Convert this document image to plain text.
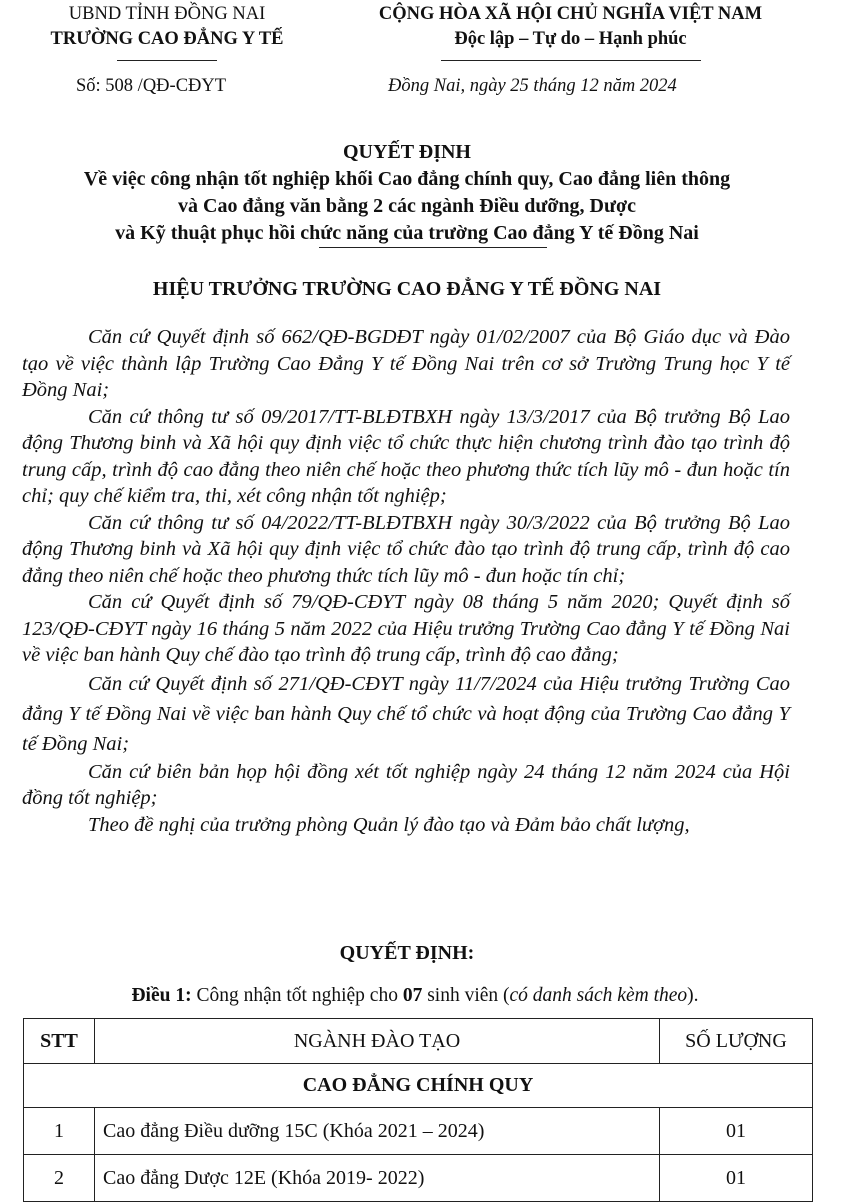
UBND TỈNH ĐỒNG NAI
TRƯỜNG CAO ĐẲNG Y TẾ
CỘNG HÒA XÃ HỘI CHỦ NGHĨA VIỆT NAM
Độc lập – Tự do – Hạnh phúc
Số: 508 /QĐ-CĐYT	Đồng Nai, ngày 25 tháng 12 năm 2024
QUYẾT ĐỊNH
Về việc công nhận tốt nghiệp khối Cao đẳng chính quy, Cao đẳng liên thông
và Cao đẳng văn bằng 2 các ngành Điều dưỡng, Dược
và Kỹ thuật phục hồi chức năng của trường Cao đẳng Y tế Đồng Nai
HIỆU TRƯỞNG TRƯỜNG CAO ĐẲNG Y TẾ ĐỒNG NAI

Căn cứ Quyết định số 662/QĐ-BGDĐT ngày 01/02/2007 của Bộ Giáo dục và Đào tạo về việc thành lập Trường Cao Đẳng Y tế Đồng Nai trên cơ sở Trường Trung học Y tế Đồng Nai;

Căn cứ thông tư số 09/2017/TT-BLĐTBXH ngày 13/3/2017 của Bộ trưởng Bộ Lao động Thương binh và Xã hội quy định việc tổ chức thực hiện chương trình đào tạo trình độ trung cấp, trình độ cao đẳng theo niên chế hoặc theo phương thức tích lũy mô - đun hoặc tín chỉ; quy chế kiểm tra, thi, xét công nhận tốt nghiệp;

Căn cứ thông tư số 04/2022/TT-BLĐTBXH ngày 30/3/2022 của Bộ trưởng Bộ Lao động Thương binh và Xã hội quy định việc tổ chức đào tạo trình độ trung cấp, trình độ cao đẳng theo niên chế hoặc theo phương thức tích lũy mô - đun hoặc tín chỉ;

Căn cứ Quyết định số 79/QĐ-CĐYT ngày 08 tháng 5 năm 2020; Quyết định số 123/QĐ-CĐYT ngày 16 tháng 5 năm 2022 của Hiệu trưởng Trường Cao đẳng Y tế Đồng Nai về việc ban hành Quy chế đào tạo trình độ trung cấp, trình độ cao đẳng;

Căn cứ Quyết định số 271/QĐ-CĐYT ngày 11/7/2024 của Hiệu trưởng Trường Cao đẳng Y tế Đồng Nai về việc ban hành Quy chế tổ chức và hoạt động của Trường Cao đẳng Y tế Đồng Nai;

Căn cứ biên bản họp hội đồng xét tốt nghiệp ngày 24 tháng 12 năm 2024 của Hội đồng tốt nghiệp;

Theo đề nghị của trưởng phòng Quản lý đào tạo và Đảm bảo chất lượng,

QUYẾT ĐỊNH:
Điều 1: Công nhận tốt nghiệp cho 07 sinh viên (có danh sách kèm theo).
STT	NGÀNH ĐÀO TẠO	SỐ LƯỢNG
CAO ĐẲNG CHÍNH QUY		
1	Cao đẳng Điều dưỡng 15C (Khóa 2021 – 2024)	01
2	Cao đẳng Dược 12E (Khóa 2019- 2022)	01
